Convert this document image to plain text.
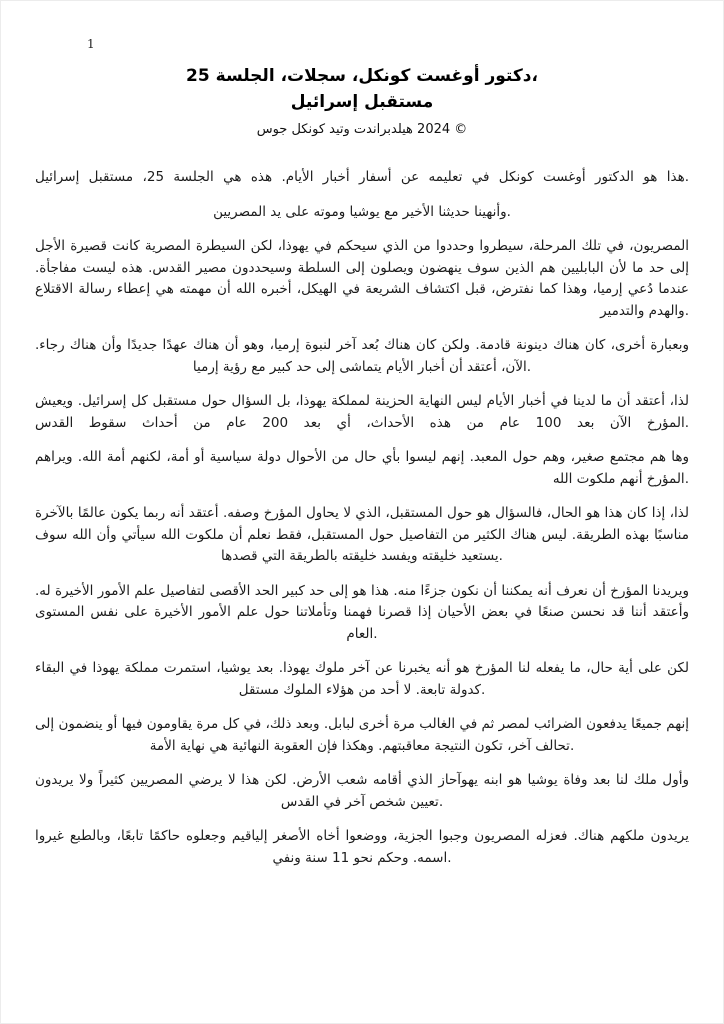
1
دكتور أوغست كونكل، سجلات، الجلسة 25،
مستقبل إسرائيل
هيلدبراندت وتيد كونكل جوس 2024 ©

هذا هو الدكتور أوغست كونكل في تعليمه عن أسفار أخبار الأيام. هذه هي الجلسة 25، مستقبل إسرائيل.

وأنهينا حديثنا الأخير مع يوشيا وموته على يد المصريين.

المصريون، في تلك المرحلة، سيطروا وحددوا من الذي سيحكم في يهوذا، لكن السيطرة المصرية كانت قصيرة الأجل إلى حد ما لأن البابليين هم الذين سوف ينهضون ويصلون إلى السلطة وسيحددون مصير القدس. هذه ليست مفاجأة. عندما دُعي إرميا، وهذا كما نفترض، قبل اكتشاف الشريعة في الهيكل، أخبره الله أن مهمته هي إعطاء رسالة الاقتلاع والهدم والتدمير.

وبعبارة أخرى، كان هناك دينونة قادمة. ولكن كان هناك بُعد آخر لنبوة إرميا، وهو أن هناك عهدًا جديدًا وأن هناك رجاء. الآن، أعتقد أن أخبار الأيام يتماشى إلى حد كبير مع رؤية إرميا.

لذا، أعتقد أن ما لدينا في أخبار الأيام ليس النهاية الحزينة لمملكة يهوذا، بل السؤال حول مستقبل كل إسرائيل. ويعيش المؤرخ الآن بعد 100 عام من هذه الأحداث، أي بعد 200 عام من أحداث سقوط القدس.

وها هم مجتمع صغير، وهم حول المعبد. إنهم ليسوا بأي حال من الأحوال دولة سياسية أو أمة، لكنهم أمة الله. ويراهم المؤرخ أنهم ملكوت الله.

لذا، إذا كان هذا هو الحال، فالسؤال هو حول المستقبل، الذي لا يحاول المؤرخ وصفه. أعتقد أنه ربما يكون عالمًا بالآخرة مناسبًا بهذه الطريقة. ليس هناك الكثير من التفاصيل حول المستقبل، فقط نعلم أن ملكوت الله سيأتي وأن الله سوف يستعيد خليقته ويفسد خليقته بالطريقة التي قصدها.

ويريدنا المؤرخ أن نعرف أنه يمكننا أن نكون جزءًا منه. هذا هو إلى حد كبير الحد الأقصى لتفاصيل علم الأمور الأخيرة له. وأعتقد أننا قد نحسن صنعًا في بعض الأحيان إذا قصرنا فهمنا وتأملاتنا حول علم الأمور الأخيرة على نفس المستوى العام.

لكن على أية حال، ما يفعله لنا المؤرخ هو أنه يخبرنا عن آخر ملوك يهوذا. بعد يوشيا، استمرت مملكة يهوذا في البقاء كدولة تابعة. لا أحد من هؤلاء الملوك مستقل.

إنهم جميعًا يدفعون الضرائب لمصر ثم في الغالب مرة أخرى لبابل. وبعد ذلك، في كل مرة يقاومون فيها أو ينضمون إلى تحالف آخر، تكون النتيجة معاقبتهم. وهكذا فإن العقوبة النهائية هي نهاية الأمة.

وأول ملك لنا بعد وفاة يوشيا هو ابنه يهوآحاز الذي أقامه شعب الأرض. لكن هذا لا يرضي المصريين كثيراً ولا يريدون تعيين شخص آخر في القدس.

يريدون ملكهم هناك. فعزله المصريون وجبوا الجزية، ووضعوا أخاه الأصغر إلياقيم وجعلوه حاكمًا تابعًا، وبالطبع غيروا اسمه. وحكم نحو 11 سنة ونفي.
